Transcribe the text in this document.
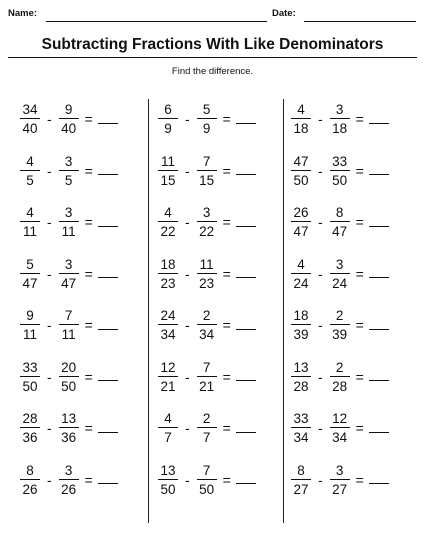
Name:	Date:
Subtracting Fractions With Like Denominators
Find the difference.
$\frac{34}{40} - \frac{9}{40}$ =
$\frac{4}{5} - \frac{3}{5}$ =
$\frac{4}{11} - \frac{3}{11}$ =
$\frac{5}{47} - \frac{3}{47}$ =
$\frac{9}{11} - \frac{7}{11}$ =
$\frac{33}{50} - \frac{20}{50}$ =
$\frac{28}{36} - \frac{13}{36}$ =
$\frac{8}{26} - \frac{3}{26}$ =
$\frac{6}{9} - \frac{5}{9}$ =
$\frac{11}{15} - \frac{7}{15}$ =
$\frac{4}{22} - \frac{3}{22}$ =
$\frac{18}{23} - \frac{11}{23}$ =
$\frac{24}{34} - \frac{2}{34}$ =
$\frac{12}{21} - \frac{7}{21}$ =
$\frac{4}{7} - \frac{2}{7}$ =
$\frac{13}{50} - \frac{7}{50}$ =
$\frac{4}{18} - \frac{3}{18}$ =
$\frac{47}{50} - \frac{33}{50}$ =
$\frac{26}{47} - \frac{8}{47}$ =
$\frac{4}{24} - \frac{3}{24}$ =
$\frac{18}{39} - \frac{2}{39}$ =
$\frac{13}{28} - \frac{2}{28}$ =
$\frac{33}{34} - \frac{12}{34}$ =
$\frac{8}{27} - \frac{3}{27}$ =
